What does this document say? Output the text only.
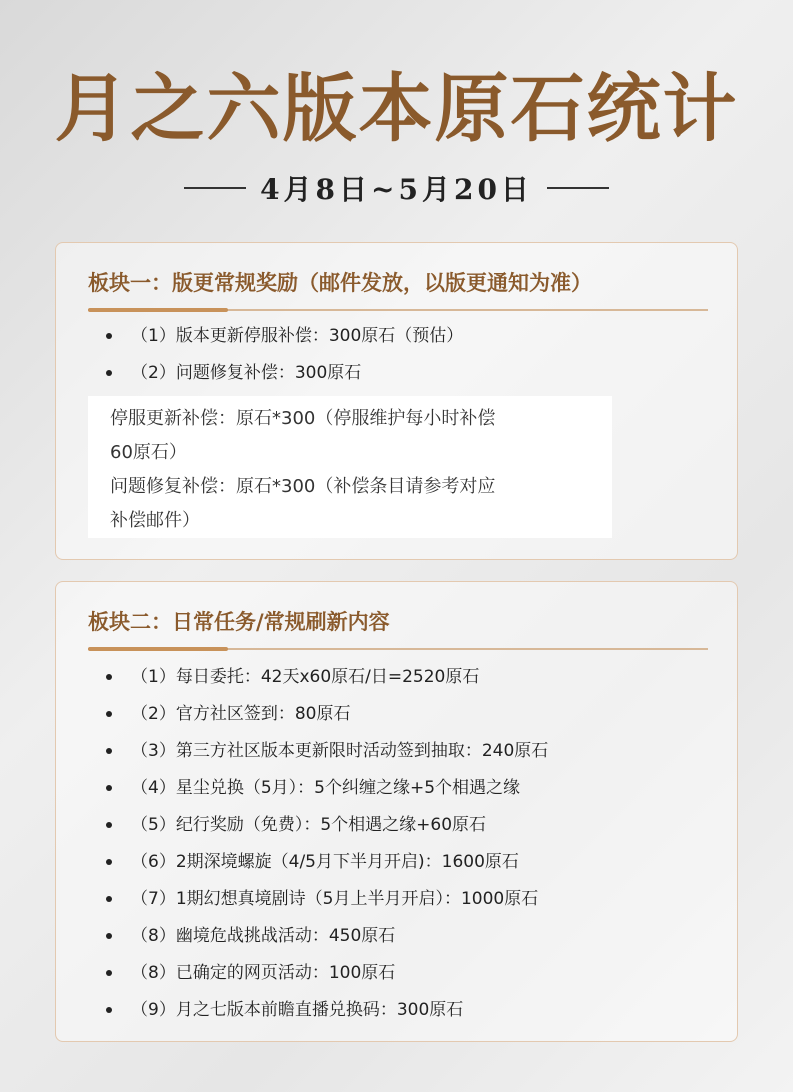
月之六版本原石统计
4月8日~5月20日
板块一：版更常规奖励（邮件发放，以版更通知为准）
（1）版本更新停服补偿：300原石（预估）
（2）问题修复补偿：300原石

停服更新补偿：原石*300（停服维护每小时补偿

60原石）

问题修复补偿：原石*300（补偿条目请参考对应

补偿邮件）

板块二：日常任务/常规刷新内容
（1）每日委托：42天x60原石/日=2520原石
（2）官方社区签到：80原石
（3）第三方社区版本更新限时活动签到抽取：240原石
（4）星尘兑换（5月）：5个纠缠之缘+5个相遇之缘
（5）纪行奖励（免费）：5个相遇之缘+60原石
（6）2期深境螺旋（4/5月下半月开启)：1600原石
（7）1期幻想真境剧诗（5月上半月开启）：1000原石
（8）幽境危战挑战活动：450原石
（8）已确定的网页活动：100原石
（9）月之七版本前瞻直播兑换码：300原石
